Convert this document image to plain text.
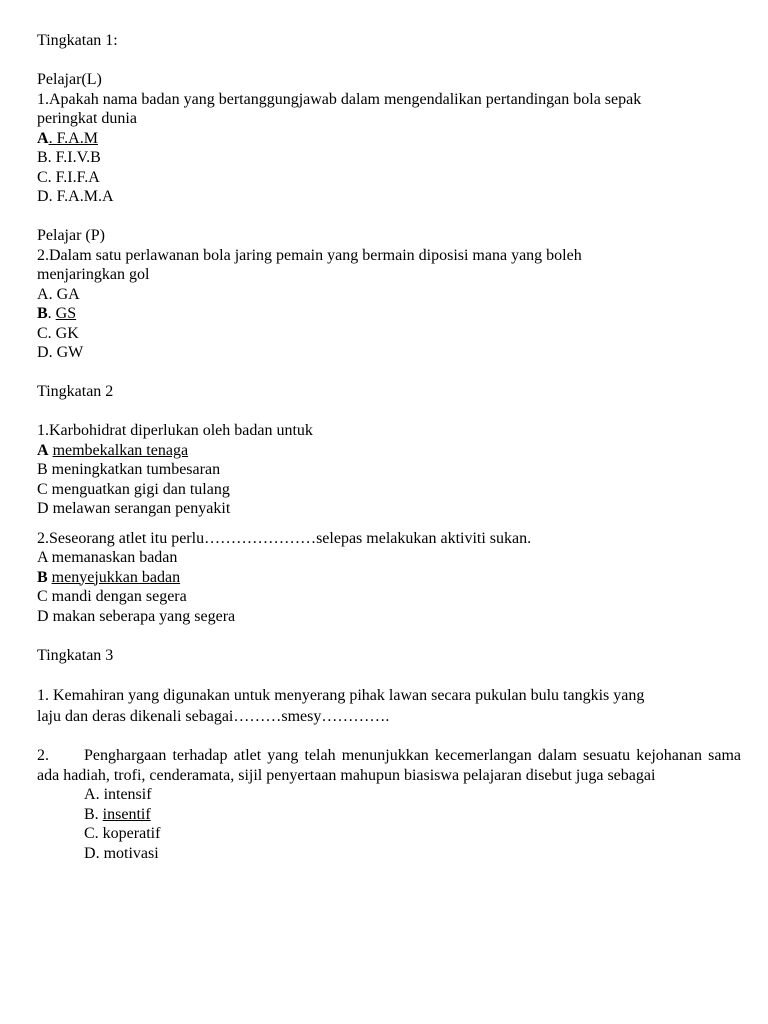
Tingkatan 1:
Pelajar(L)
1.Apakah nama badan yang bertanggungjawab dalam mengendalikan pertandingan bola sepak
peringkat dunia
A. F.A.M
B. F.I.V.B
C. F.I.F.A
D. F.A.M.A
Pelajar (P)
2.Dalam satu perlawanan bola jaring pemain yang bermain diposisi mana yang boleh
menjaringkan gol
A. GA
B. GS
C. GK
D. GW
Tingkatan 2
1.Karbohidrat diperlukan oleh badan untuk
A membekalkan tenaga
B meningkatkan tumbesaran
C menguatkan gigi dan tulang
D melawan serangan penyakit
2.Seseorang atlet itu perlu…………………selepas melakukan aktiviti sukan.
A memanaskan badan
B menyejukkan badan
C mandi dengan segera
D makan seberapa yang segera
Tingkatan 3
1. Kemahiran yang digunakan untuk menyerang pihak lawan secara pukulan bulu tangkis yang
laju dan deras dikenali sebagai………smesy………….
2. Penghargaan terhadap atlet yang telah menunjukkan kecemerlangan dalam sesuatu kejohanan sama ada hadiah, trofi, cenderamata, sijil penyertaan mahupun biasiswa pelajaran disebut juga sebagai
A. intensif
B. insentif
C. koperatif
D. motivasi
